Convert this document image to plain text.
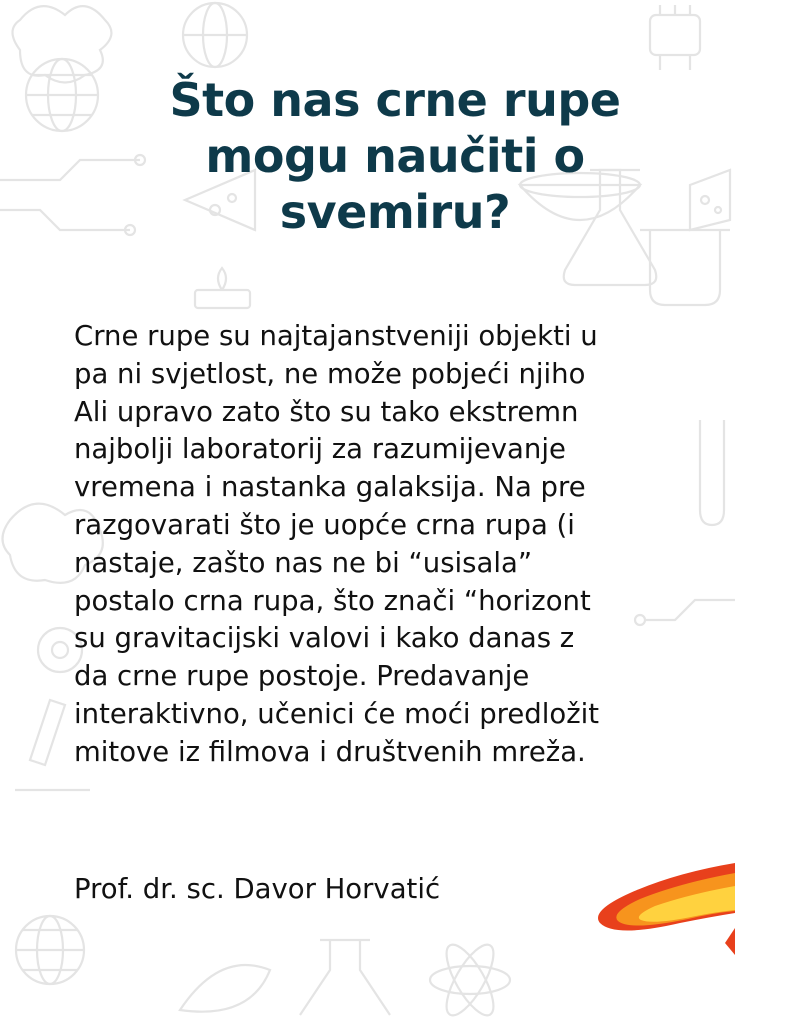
Što nas crne rupe
mogu naučiti o
svemiru?
Crne rupe su najtajanstveniji objekti u
pa ni svjetlost, ne može pobjeći njiho
Ali upravo zato što su tako ekstremn
najbolji laboratorij za razumijevanje
vremena i nastanka galaksija. Na pre
razgovarati što je uopće crna rupa (i
nastaje, zašto nas ne bi “usisala”
postalo crna rupa, što znači “horizont
su gravitacijski valovi i kako danas z
da crne rupe postoje. Predavanje
interaktivno, učenici će moći predložit
mitove iz filmova i društvenih mreža.

Prof. dr. sc. Davor Horvatić
